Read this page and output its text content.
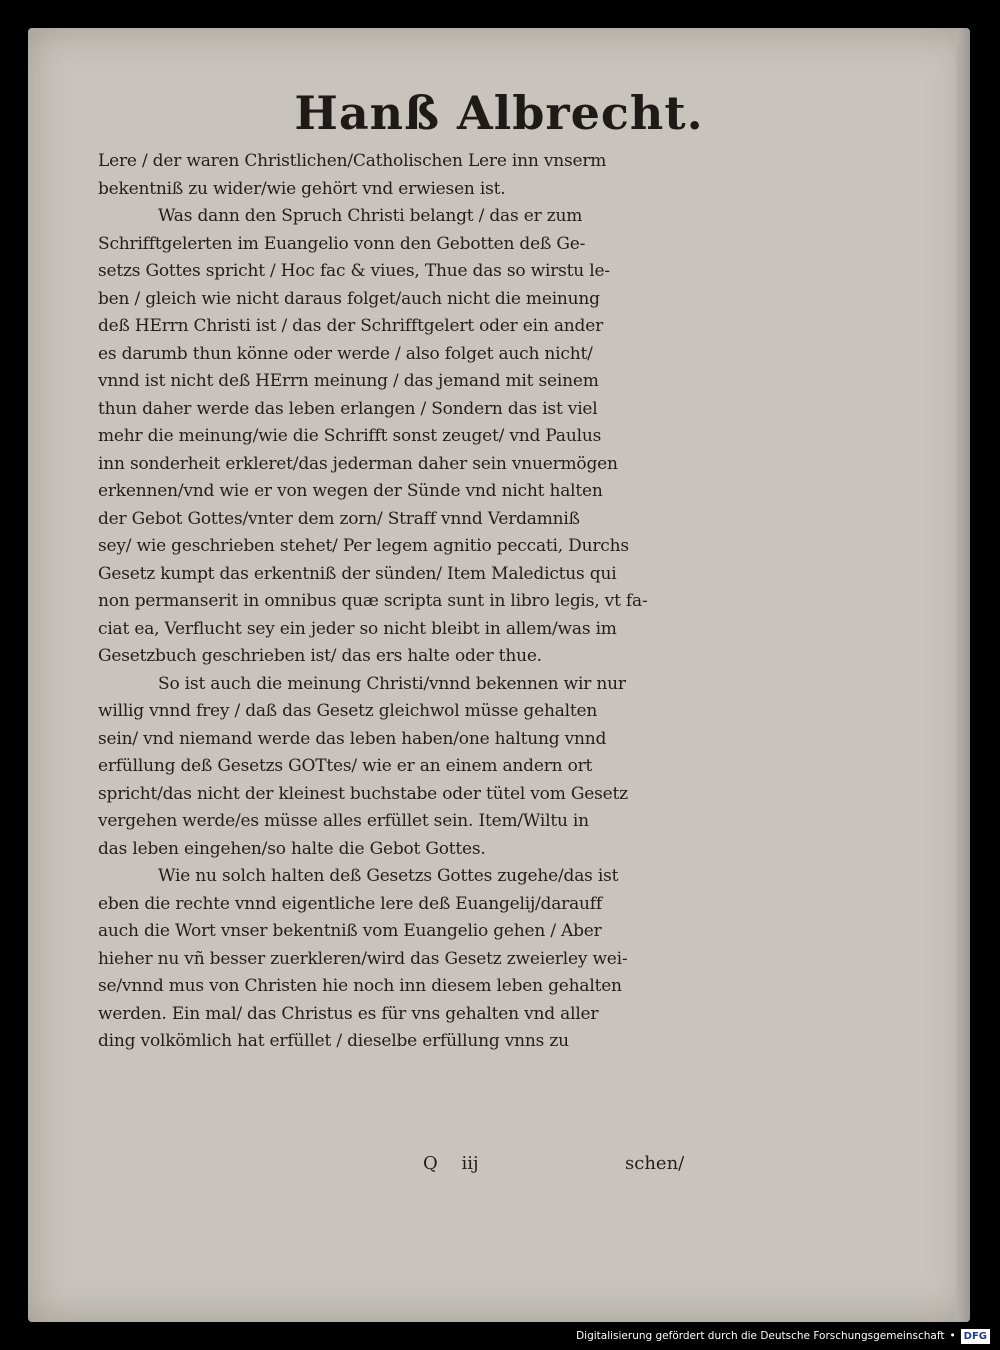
Hanß Albrecht.
Lere / der waren Christlichen/Catholischen Lere inn vnserm
bekentniß zu wider/wie gehört vnd erwiesen ist.
Was dann den Spruch Christi belangt / das er zum
Schrifftgelerten im Euangelio vonn den Gebotten deß Ge-
setzs Gottes spricht / Hoc fac & viues, Thue das so wirstu le-
ben / gleich wie nicht daraus folget/auch nicht die meinung
deß HErrn Christi ist / das der Schrifftgelert oder ein ander
es darumb thun könne oder werde / also folget auch nicht/
vnnd ist nicht deß HErrn meinung / das jemand mit seinem
thun daher werde das leben erlangen / Sondern das ist viel
mehr die meinung/wie die Schrifft sonst zeuget/ vnd Paulus
inn sonderheit erkleret/das jederman daher sein vnuermögen
erkennen/vnd wie er von wegen der Sünde vnd nicht halten
der Gebot Gottes/vnter dem zorn/ Straff vnnd Verdamniß
sey/ wie geschrieben stehet/ Per legem agnitio peccati, Durchs
Gesetz kumpt das erkentniß der sünden/ Item Maledictus qui
non permanserit in omnibus quæ scripta sunt in libro legis, vt fa-
ciat ea, Verflucht sey ein jeder so nicht bleibt in allem/was im
Gesetzbuch geschrieben ist/ das ers halte oder thue.
So ist auch die meinung Christi/vnnd bekennen wir nur
willig vnnd frey / daß das Gesetz gleichwol müsse gehalten
sein/ vnd niemand werde das leben haben/one haltung vnnd
erfüllung deß Gesetzs GOTtes/ wie er an einem andern ort
spricht/das nicht der kleinest buchstabe oder tütel vom Gesetz
vergehen werde/es müsse alles erfüllet sein. Item/Wiltu in
das leben eingehen/so halte die Gebot Gottes.
Wie nu solch halten deß Gesetzs Gottes zugehe/das ist
eben die rechte vnnd eigentliche lere deß Euangelij/darauff
auch die Wort vnser bekentniß vom Euangelio gehen / Aber
hieher nu vñ besser zuerkleren/wird das Gesetz zweierley wei-
se/vnnd mus von Christen hie noch inn diesem leben gehalten
werden. Ein mal/ das Christus es für vns gehalten vnd aller
ding volkömlich hat erfüllet / dieselbe erfüllung vnns zu
Q iij	schen/
Digitalisierung gefördert durch die Deutsche Forschungsgemeinschaft • DFG
